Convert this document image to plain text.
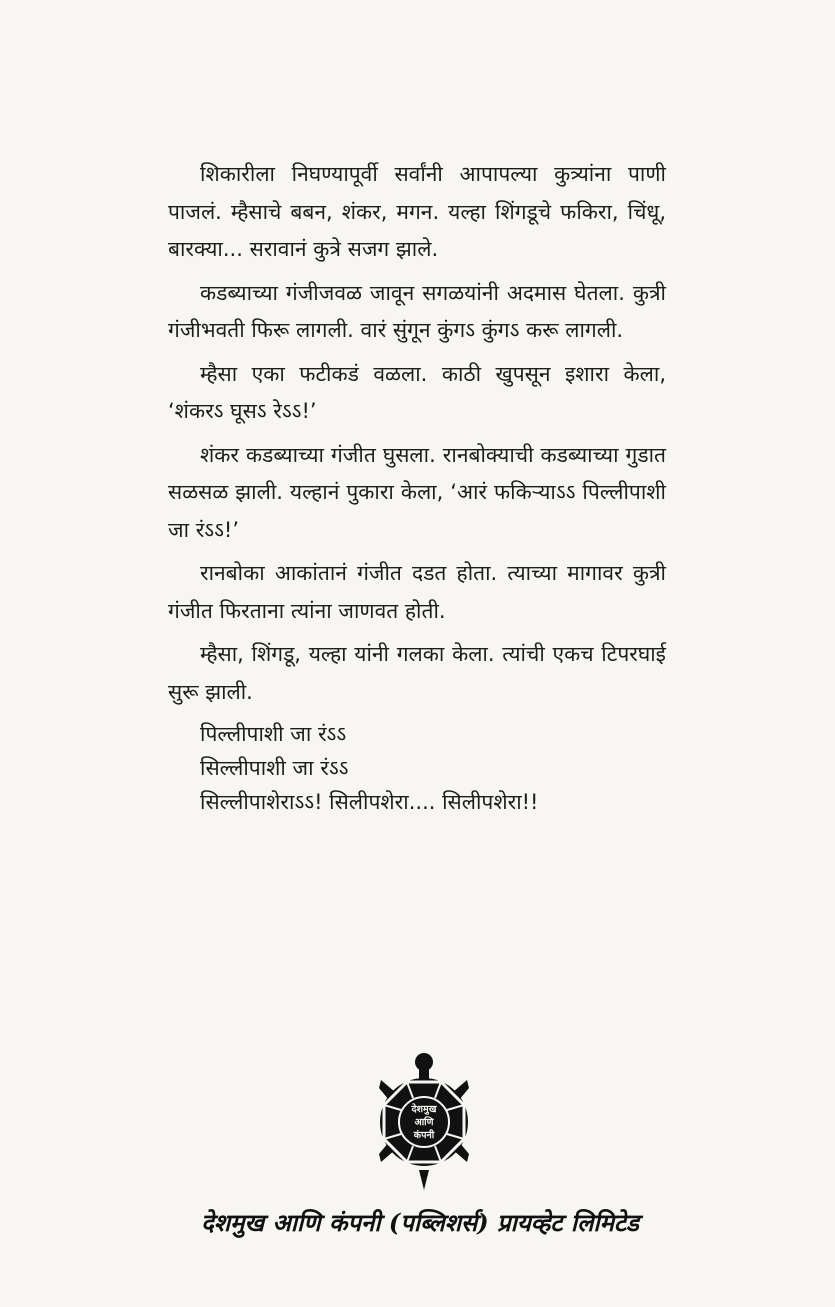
शिकारीला निघण्यापूर्वी सर्वांनी आपापल्या कुत्र्यांना पाणी पाजलं. म्हैसाचे बबन, शंकर, मगन. यल्हा शिंगडूचे फकिरा, चिंधू, बारक्या... सरावानं कुत्रे सजग झाले.

कडब्याच्या गंजीजवळ जावून सगळयांनी अदमास घेतला. कुत्री गंजीभवती फिरू लागली. वारं सुंगून कुंगऽ कुंगऽ करू लागली.

म्हैसा एका फटीकडं वळला. काठी खुपसून इशारा केला, ‘शंकरऽ घूसऽ रेऽऽ!’

शंकर कडब्याच्या गंजीत घुसला. रानबोक्याची कडब्याच्या गुडात सळसळ झाली. यल्हानं पुकारा केला, ‘आरं फकिऱ्याऽऽ पिल्लीपाशी जा रंऽऽ!’

रानबोका आकांतानं गंजीत दडत होता. त्याच्या मागावर कुत्री गंजीत फिरताना त्यांना जाणवत होती.

म्हैसा, शिंगडू, यल्हा यांनी गलका केला. त्यांची एकच टिपरघाई सुरू झाली.

पिल्लीपाशी जा रंऽऽ

सिल्लीपाशी जा रंऽऽ

सिल्लीपाशेराऽऽ! सिलीपशेरा.... सिलीपशेरा!!

देशमुख
आणि
कंपनी
देशमुख आणि कंपनी (पब्लिशर्स) प्रायव्हेट लिमिटेड
